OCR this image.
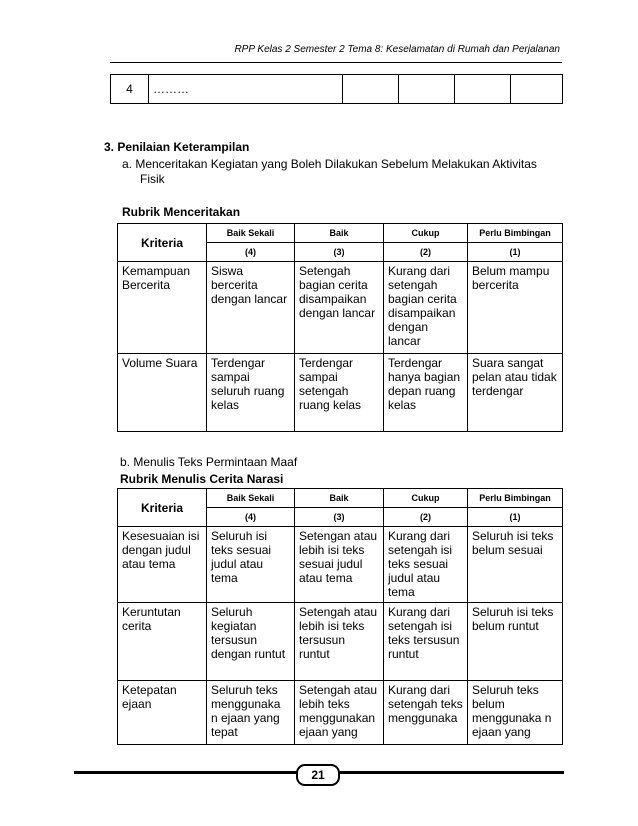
RPP Kelas 2 Semester 2 Tema 8: Keselamatan di Rumah dan Perjalanan
4	………				
3. Penilaian Keterampilan
a. Menceritakan Kegiatan yang Boleh Dilakukan Sebelum Melakukan Aktivitas
Fisik
Rubrik Menceritakan
Kriteria	Baik Sekali	Baik	Cukup	Perlu Bimbingan
	(4)	(3)	(2)	(1)
Kemampuan Bercerita	Siswa bercerita dengan lancar	Setengah bagian cerita disampaikan dengan lancar	Kurang dari setengah bagian cerita disampaikan dengan lancar	Belum mampu bercerita
Volume Suara	Terdengar sampai seluruh ruang kelas	Terdengar sampai setengah ruang kelas	Terdengar hanya bagian depan ruang kelas	Suara sangat pelan atau tidak terdengar
b. Menulis Teks Permintaan Maaf
Rubrik Menulis Cerita Narasi
Kriteria	Baik Sekali	Baik	Cukup	Perlu Bimbingan
	(4)	(3)	(2)	(1)
Kesesuaian isi dengan judul atau tema	Seluruh isi teks sesuai judul atau tema	Setengan atau lebih isi teks sesuai judul atau tema	Kurang dari setengah isi teks sesuai judul atau tema	Seluruh isi teks belum sesuai
Keruntutan cerita	Seluruh kegiatan tersusun dengan runtut	Setengah atau lebih isi teks tersusun runtut	Kurang dari setengah isi teks tersusun runtut	Seluruh isi teks belum runtut
Ketepatan ejaan	Seluruh teks menggunaka n ejaan yang tepat	Setengah atau lebih teks menggunakan ejaan yang	Kurang dari setengah teks menggunaka	Seluruh teks belum menggunaka n ejaan yang
21
